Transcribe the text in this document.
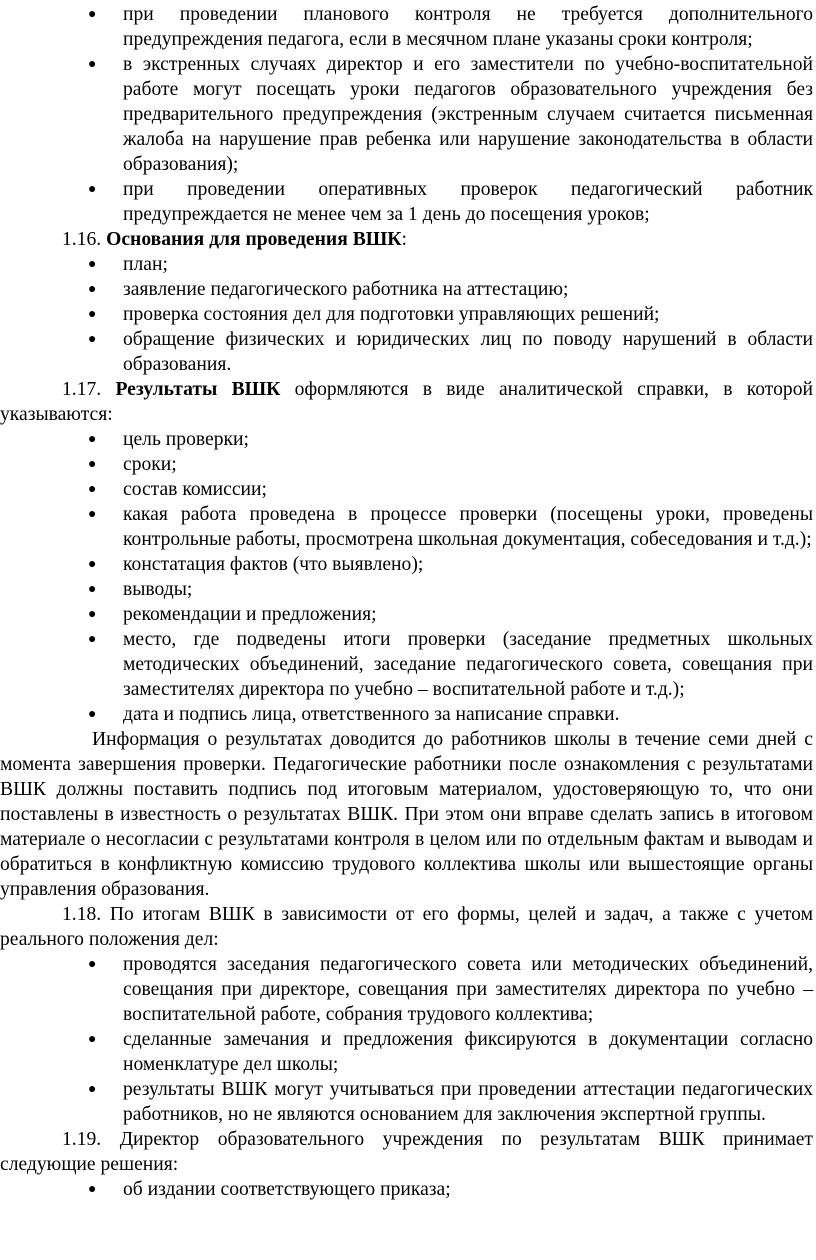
● при проведении планового контроля не требуется дополнительного предупреждения педагога, если в месячном плане указаны сроки контроля;
● в экстренных случаях директор и его заместители по учебно-воспитательной работе могут посещать уроки педагогов образовательного учреждения без предварительного предупреждения (экстренным случаем считается письменная жалоба на нарушение прав ребенка или нарушение законодательства в области образования);
● при проведении оперативных проверок педагогический работник предупреждается не менее чем за 1 день до посещения уроков;

1.16. Основания для проведения ВШК:

● план;
● заявление педагогического работника на аттестацию;
● проверка состояния дел для подготовки управляющих решений;
● обращение физических и юридических лиц по поводу нарушений в области образования.

1.17. Результаты ВШК оформляются в виде аналитической справки, в которой указываются:

● цель проверки;
● сроки;
● состав комиссии;
● какая работа проведена в процессе проверки (посещены уроки, проведены контрольные работы, просмотрена школьная документация, собеседования и т.д.);
● констатация фактов (что выявлено);
● выводы;
● рекомендации и предложения;
● место, где подведены итоги проверки (заседание предметных школьных методических объединений, заседание педагогического совета, совещания при заместителях директора по учебно – воспитательной работе и т.д.);
● дата и подпись лица, ответственного за написание справки.

Информация о результатах доводится до работников школы в течение семи дней с момента завершения проверки. Педагогические работники после ознакомления с результатами ВШК должны поставить подпись под итоговым материалом, удостоверяющую то, что они поставлены в известность о результатах ВШК. При этом они вправе сделать запись в итоговом материале о несогласии с результатами контроля в целом или по отдельным фактам и выводам и обратиться в конфликтную комиссию трудового коллектива школы или вышестоящие органы управления образования.

1.18. По итогам ВШК в зависимости от его формы, целей и задач, а также с учетом реального положения дел:

● проводятся заседания педагогического совета или методических объединений, совещания при директоре, совещания при заместителях директора по учебно – воспитательной работе, собрания трудового коллектива;
● сделанные замечания и предложения фиксируются в документации согласно номенклатуре дел школы;
● результаты ВШК могут учитываться при проведении аттестации педагогических работников, но не являются основанием для заключения экспертной группы.

1.19. Директор образовательного учреждения по результатам ВШК принимает следующие решения:

● об издании соответствующего приказа;
